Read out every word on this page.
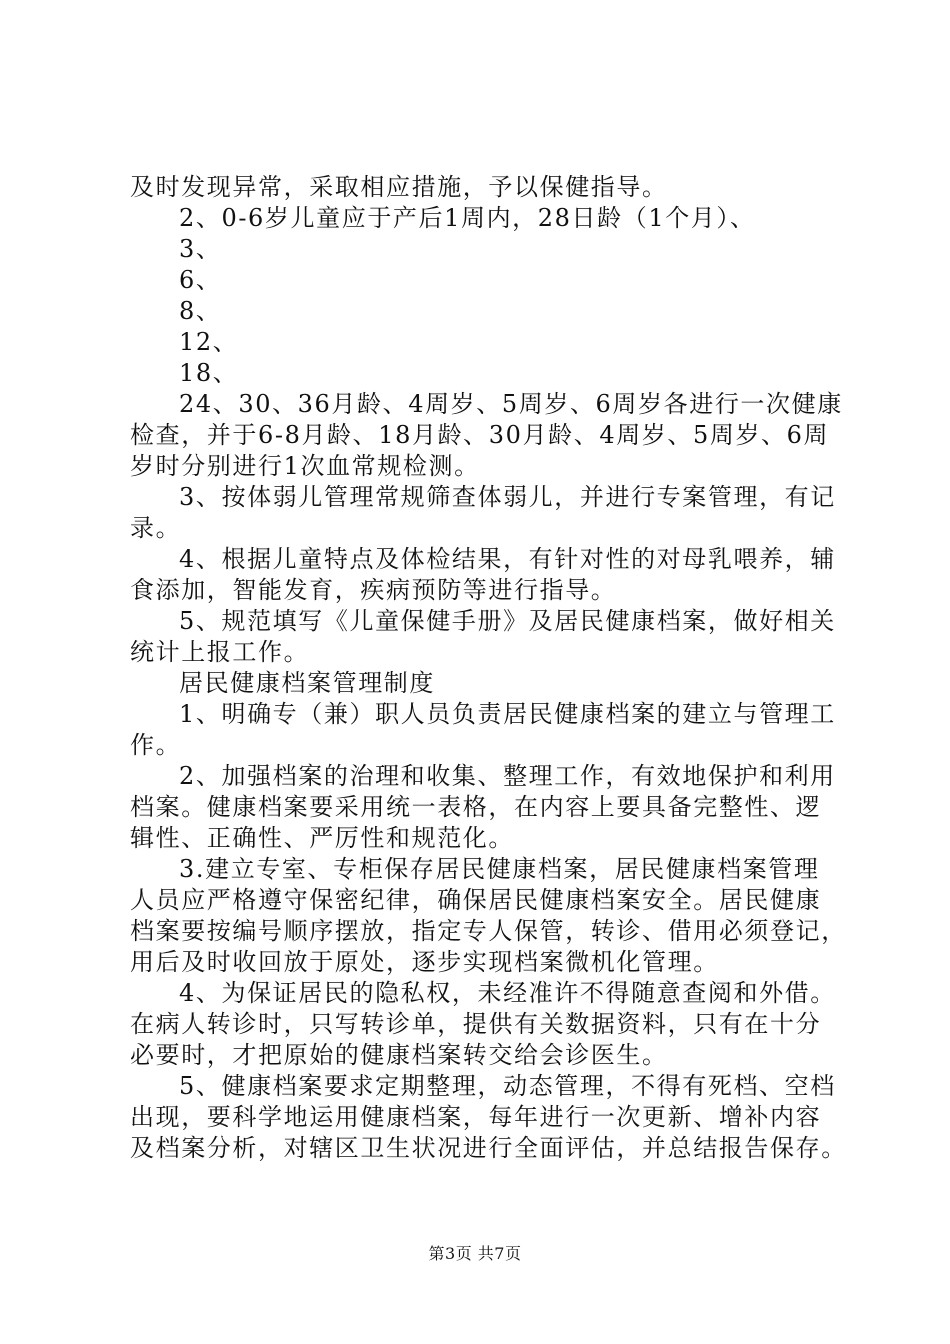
及时发现异常，采取相应措施，予以保健指导。
2、0-6岁儿童应于产后1周内，28日龄（1个月）、
3、
6、
8、
12、
18、
24、30、36月龄、4周岁、5周岁、6周岁各进行一次健康
检查，并于6-8月龄、18月龄、30月龄、4周岁、5周岁、6周
岁时分别进行1次血常规检测。
3、按体弱儿管理常规筛查体弱儿，并进行专案管理，有记
录。
4、根据儿童特点及体检结果，有针对性的对母乳喂养，辅
食添加，智能发育，疾病预防等进行指导。
5、规范填写《儿童保健手册》及居民健康档案，做好相关
统计上报工作。
居民健康档案管理制度
1、明确专（兼）职人员负责居民健康档案的建立与管理工
作。
2、加强档案的治理和收集、整理工作，有效地保护和利用
档案。健康档案要采用统一表格，在内容上要具备完整性、逻
辑性、正确性、严厉性和规范化。
3.建立专室、专柜保存居民健康档案，居民健康档案管理
人员应严格遵守保密纪律，确保居民健康档案安全。居民健康
档案要按编号顺序摆放，指定专人保管，转诊、借用必须登记，
用后及时收回放于原处，逐步实现档案微机化管理。
4、为保证居民的隐私权，未经准许不得随意查阅和外借。
在病人转诊时，只写转诊单，提供有关数据资料，只有在十分
必要时，才把原始的健康档案转交给会诊医生。
5、健康档案要求定期整理，动态管理，不得有死档、空档
出现，要科学地运用健康档案，每年进行一次更新、增补内容
及档案分析，对辖区卫生状况进行全面评估，并总结报告保存。
第3页 共7页
